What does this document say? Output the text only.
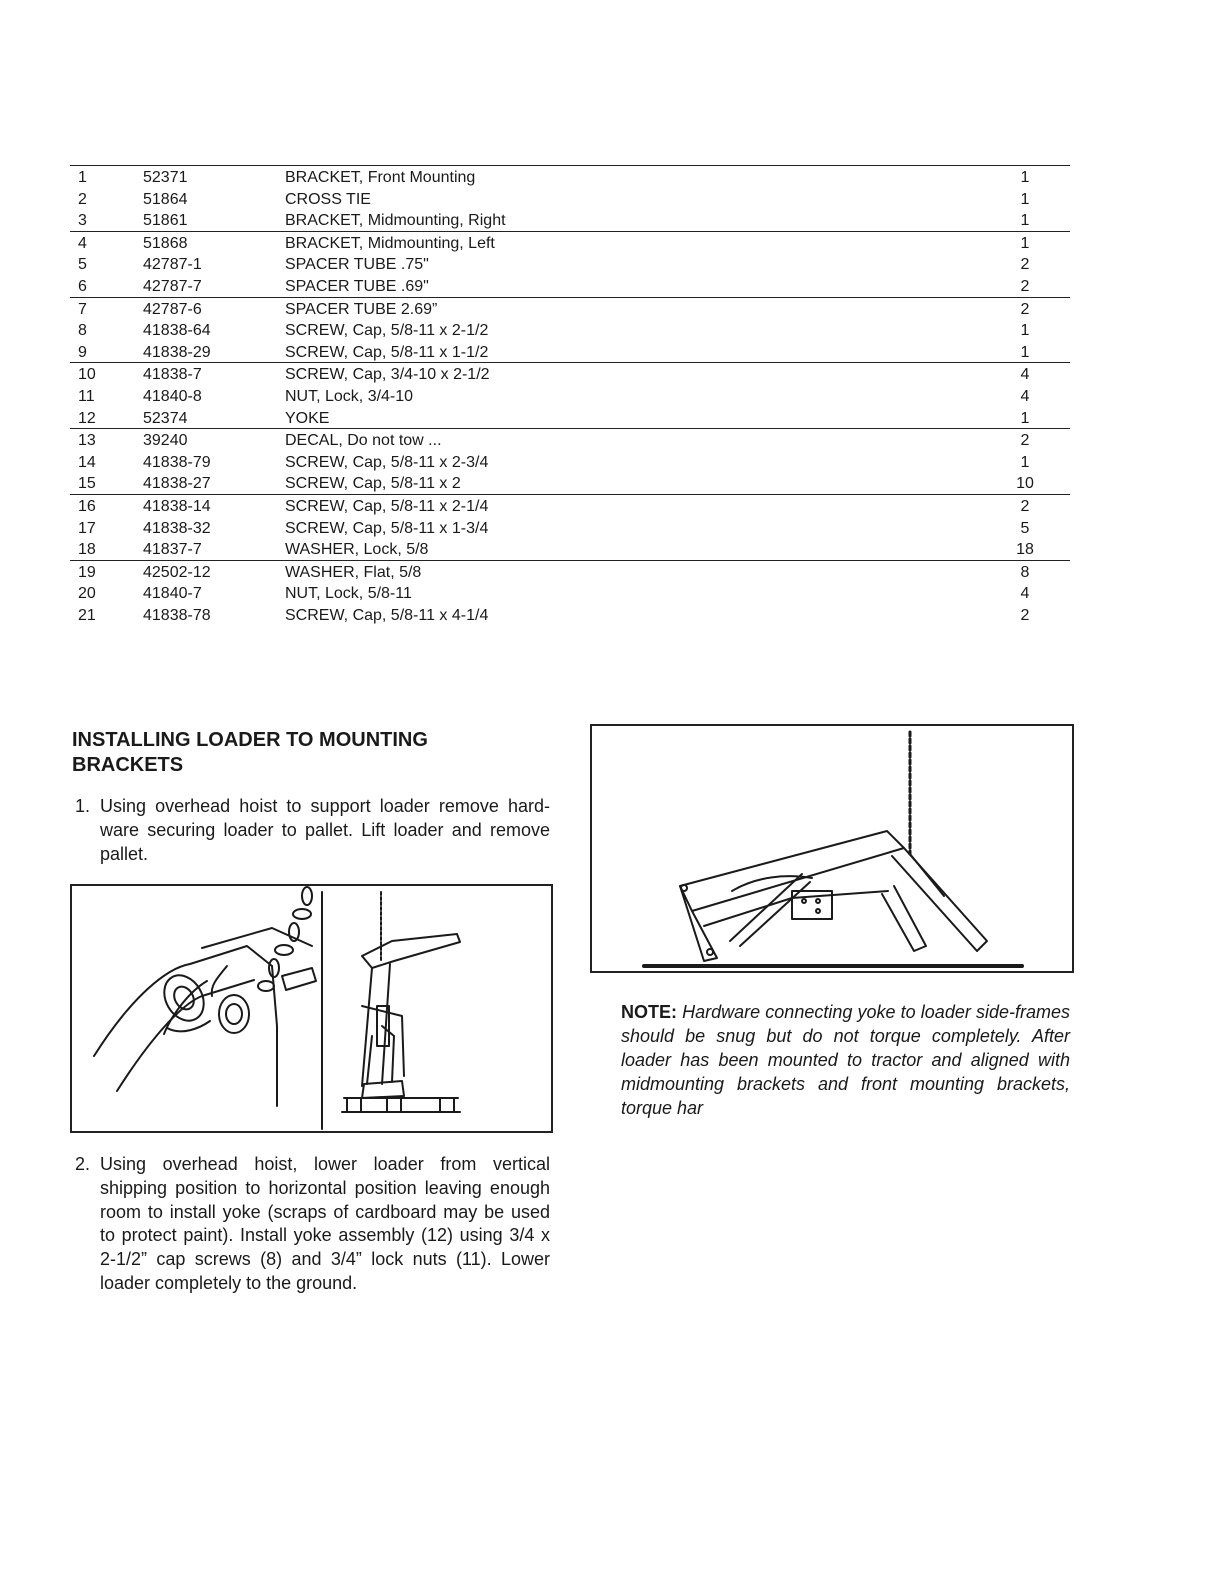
1	52371	BRACKET, Front Mounting	1
2	51864	CROSS TIE	1
3	51861	BRACKET, Midmounting, Right	1
4	51868	BRACKET, Midmounting, Left	1
5	42787-1	SPACER TUBE .75"	2
6	42787-7	SPACER TUBE .69"	2
7	42787-6	SPACER TUBE 2.69”	2
8	41838-64	SCREW, Cap, 5/8-11 x 2-1/2	1
9	41838-29	SCREW, Cap, 5/8-11 x 1-1/2	1
10	41838-7	SCREW, Cap, 3/4-10 x 2-1/2	4
11	41840-8	NUT, Lock, 3/4-10	4
12	52374	YOKE	1
13	39240	DECAL, Do not tow ...	2
14	41838-79	SCREW, Cap, 5/8-11 x 2-3/4	1
15	41838-27	SCREW, Cap, 5/8-11 x 2	10
16	41838-14	SCREW, Cap, 5/8-11 x 2-1/4	2
17	41838-32	SCREW, Cap, 5/8-11 x 1-3/4	5
18	41837-7	WASHER, Lock, 5/8	18
19	42502-12	WASHER, Flat, 5/8	8
20	41840-7	NUT, Lock, 5/8-11	4
21	41838-78	SCREW, Cap, 5/8-11 x 4-1/4	2
INSTALLING LOADER TO MOUNTING BRACKETS

1. Using overhead hoist to support loader remove hard-ware securing loader to pallet. Lift loader and remove pallet.

2. Using overhead hoist, lower loader from vertical shipping position to horizontal position leaving enough room to install yoke (scraps of cardboard may be used to protect paint). Install yoke assembly (12) using 3/4 x 2-1/2” cap screws (8) and 3/4” lock nuts (11). Lower loader completely to the ground.

NOTE: Hardware connecting yoke to loader side-frames should be snug but do not torque completely. After loader has been mounted to tractor and aligned with midmounting brackets and front mounting brackets, torque har
